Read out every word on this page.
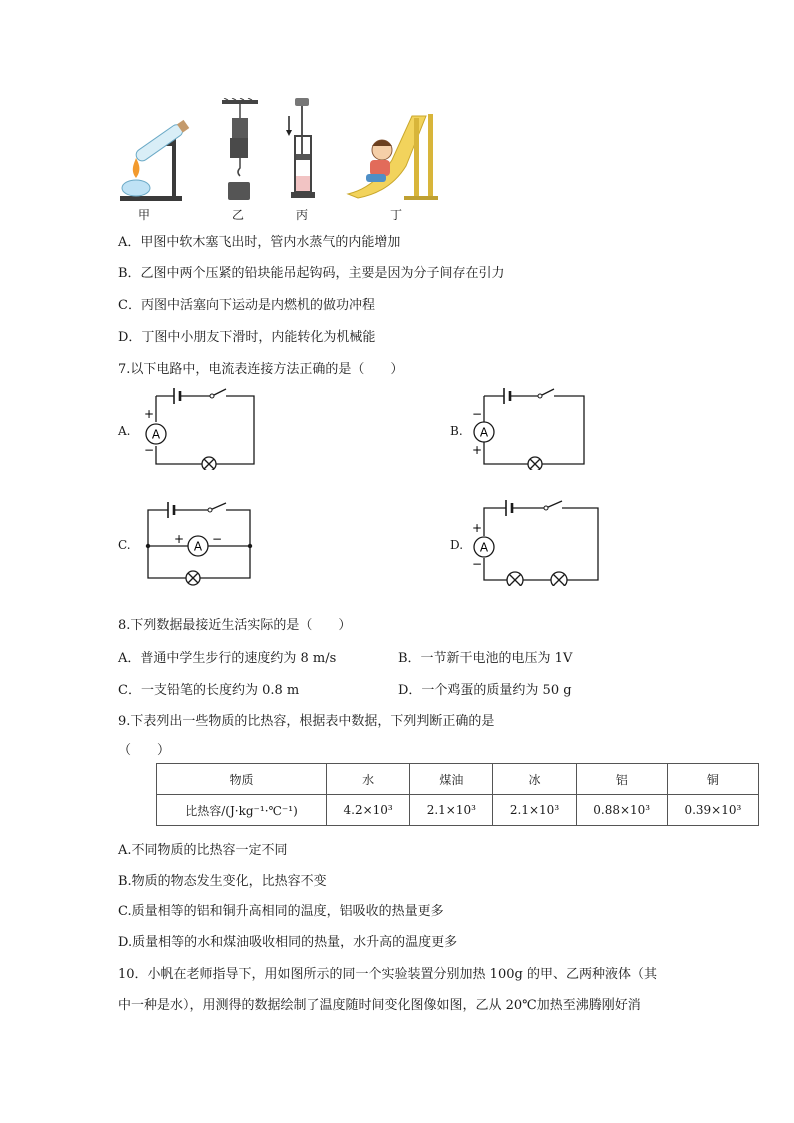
甲	乙	丙	丁
A．甲图中软木塞飞出时，管内水蒸气的内能增加
B．乙图中两个压紧的铅块能吊起钩码，主要是因为分子间存在引力
C．丙图中活塞向下运动是内燃机的做功冲程
D．丁图中小朋友下滑时，内能转化为机械能
7.以下电路中，电流表连接方法正确的是（　　）
A.	B.
C.	D.
A
+
−
A
−
+
A
+ −
A
+
−
8.下列数据最接近生活实际的是（　　）
A．普通中学生步行的速度约为 8 m/s	B．一节新干电池的电压为 1V
C．一支铅笔的长度约为 0.8 m	D．一个鸡蛋的质量约为 50 g
9.下表列出一些物质的比热容，根据表中数据，下列判断正确的是
（　　）
物质	水	煤油	冰	铝	铜
比热容/(J·kg⁻¹·℃⁻¹)	4.2×10³	2.1×10³	2.1×10³	0.88×10³	0.39×10³
A.不同物质的比热容一定不同
B.物质的物态发生变化，比热容不变
C.质量相等的铝和铜升高相同的温度，铝吸收的热量更多
D.质量相等的水和煤油吸收相同的热量，水升高的温度更多
10．小帆在老师指导下，用如图所示的同一个实验装置分别加热 100g 的甲、乙两种液体（其
中一种是水），用测得的数据绘制了温度随时间变化图像如图，乙从 20℃加热至沸腾刚好消
